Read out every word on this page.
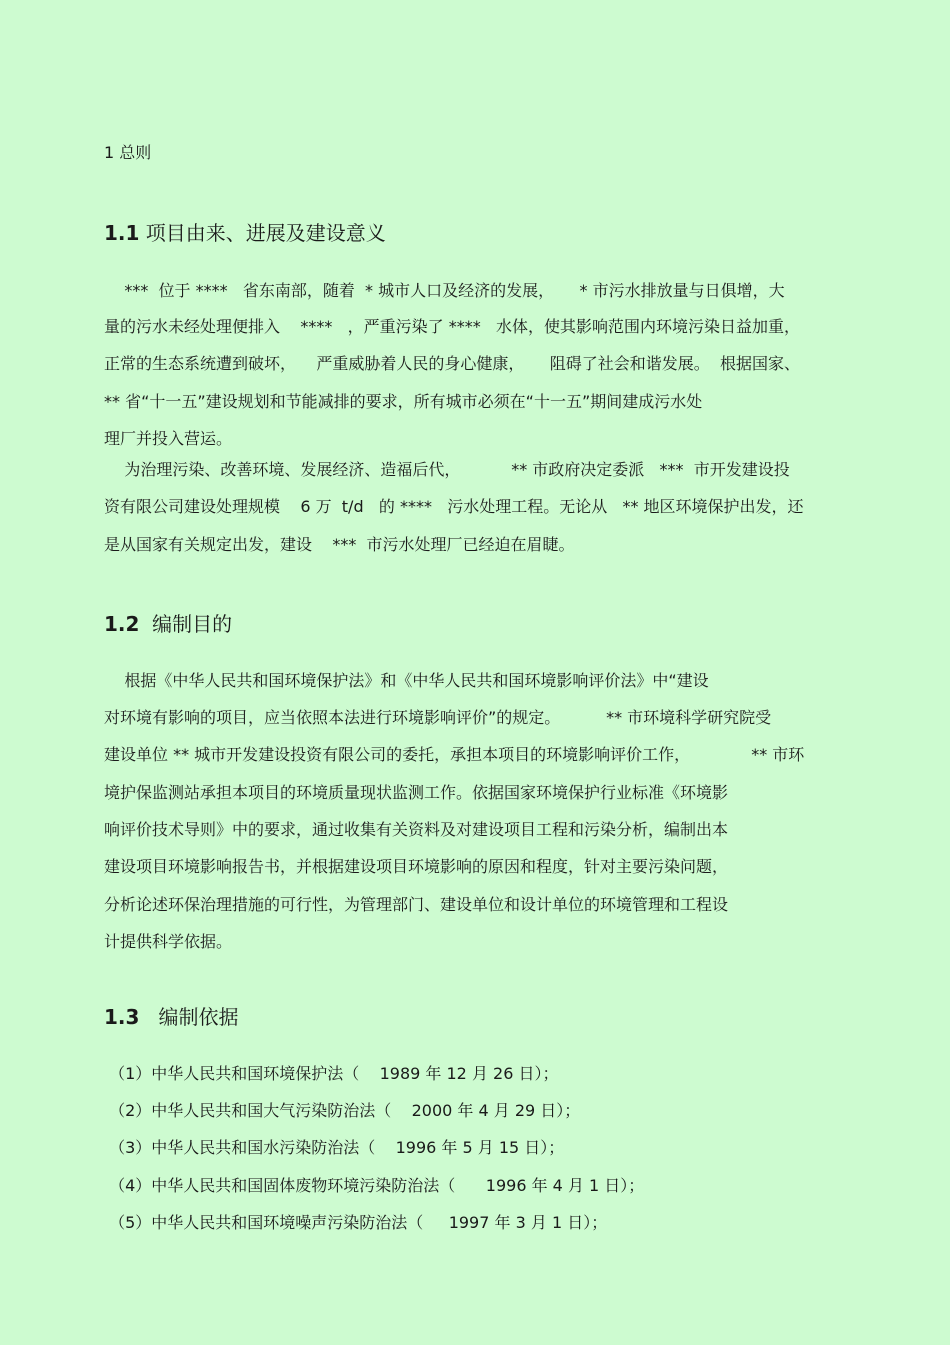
1 总则
1.1 项目由来、进展及建设意义
***  位于 ****   省东南部，随着  * 城市人口及经济的发展，     * 市污水排放量与日俱增，大
量的污水未经处理便排入    ****   ，严重污染了 ****   水体，使其影响范围内环境污染日益加重，
正常的生态系统遭到破坏，    严重威胁着人民的身心健康，     阻碍了社会和谐发展。  根据国家、
** 省“十一五”建设规划和节能减排的要求，所有城市必须在“十一五”期间建成污水处
理厂并投入营运。
为治理污染、改善环境、发展经济、造福后代，          ** 市政府决定委派   ***  市开发建设投
资有限公司建设处理规模    6 万  t/d   的 ****   污水处理工程。无论从   ** 地区环境保护出发，还
是从国家有关规定出发，建设    ***  市污水处理厂已经迫在眉睫。
1.2 编制目的
根据《中华人民共和国环境保护法》和《中华人民共和国环境影响评价法》中“建设
对环境有影响的项目，应当依照本法进行环境影响评价”的规定。         ** 市环境科学研究院受
建设单位 ** 城市开发建设投资有限公司的委托，承担本项目的环境影响评价工作，            ** 市环
境护保监测站承担本项目的环境质量现状监测工作。依据国家环境保护行业标准《环境影
响评价技术导则》中的要求，通过收集有关资料及对建设项目工程和污染分析，编制出本
建设项目环境影响报告书，并根据建设项目环境影响的原因和程度，针对主要污染问题，
分析论述环保治理措施的可行性，为管理部门、建设单位和设计单位的环境管理和工程设
计提供科学依据。
1.3 编制依据
（1）中华人民共和国环境保护法（    1989 年 12 月 26 日）；
（2）中华人民共和国大气污染防治法（    2000 年 4 月 29 日）；
（3）中华人民共和国水污染防治法（    1996 年 5 月 15 日）；
（4）中华人民共和国固体废物环境污染防治法（      1996 年 4 月 1 日）；
（5）中华人民共和国环境噪声污染防治法（     1997 年 3 月 1 日）；
